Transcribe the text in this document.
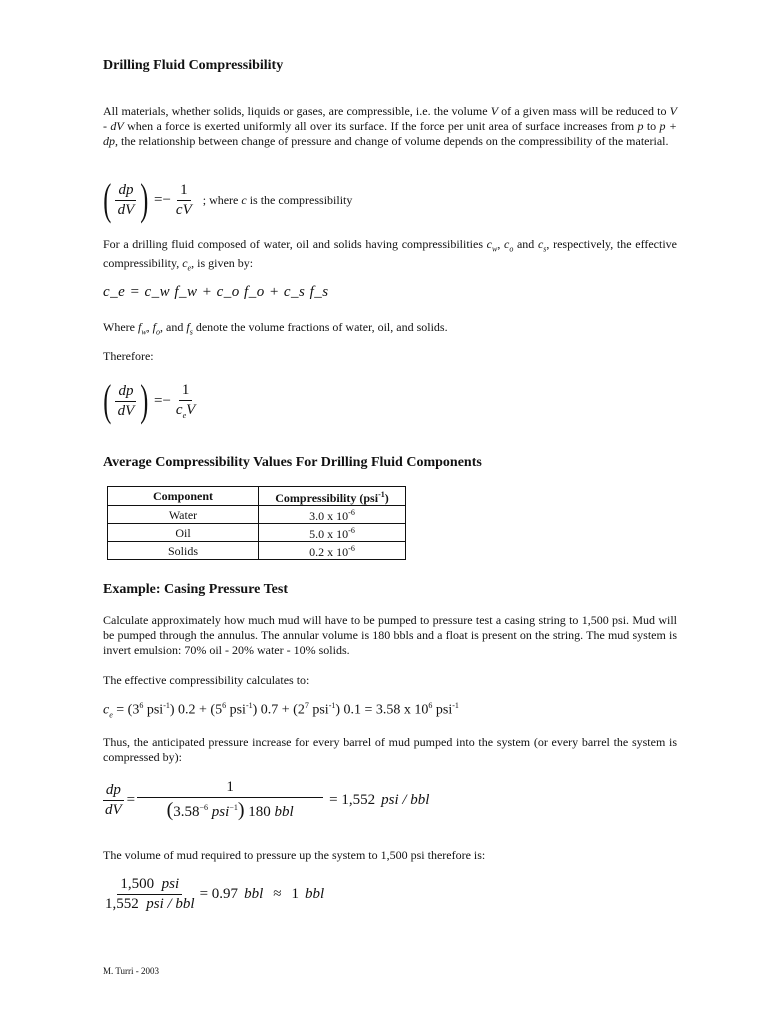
Drilling Fluid Compressibility
All materials, whether solids, liquids or gases, are compressible, i.e. the volume V of a given mass will be reduced to V - dV when a force is exerted uniformly all over its surface. If the force per unit area of surface increases from p to p + dp, the relationship between change of pressure and change of volume depends on the compressibility of the material.
( $\frac{dp}{dV}$ ) =− $\frac{1}{cV}$ ; where c is the compressibility
For a drilling fluid composed of water, oil and solids having compressibilities $c_w$, $c_o$ and $c_s$, respectively, the effective compressibility, $c_e$, is given by:
c_e = c_w f_w + c_o f_o + c_s f_s
Where $f_w$, $f_o$, and $f_s$ denote the volume fractions of water, oil, and solids.
Therefore:
( $\frac{dp}{dV}$ ) =− $\frac{1}{c_eV}$
Average Compressibility Values For Drilling Fluid Components
Component	Compressibility (psi$^{-1}$)
Water	3.0 x $10^{-6}$
Oil	5.0 x $10^{-6}$
Solids	0.2 x $10^{-6}$
Example: Casing Pressure Test
Calculate approximately how much mud will have to be pumped to pressure test a casing string to 1,500 psi. Mud will be pumped through the annulus. The annular volume is 180 bbls and a float is present on the string. The mud system is invert emulsion: 70% oil - 20% water - 10% solids.
The effective compressibility calculates to:
$c_e = (3^6$ psi$^{-1}$) $0.2 + (5^6$ psi$^{-1}$) $0.7 + (2^7$ psi$^{-1}$) 0.1 = 3.58 x $10^6$ psi$^{-1}$
Thus, the anticipated pressure increase for every barrel of mud pumped into the system (or every barrel the system is compressed by):
$\frac{dp}{dV} = \frac{1}{(3.58^{-6} psi^{-1}) 180 bbl} = 1,552$ psi / bbl
The volume of mud required to pressure up the system to 1,500 psi therefore is:
$\frac{\text{1,500 psi}}{\text{1,552 psi / bbl}} = 0.97$ bbl ≈ 1 bbl
M. Turri - 2003
